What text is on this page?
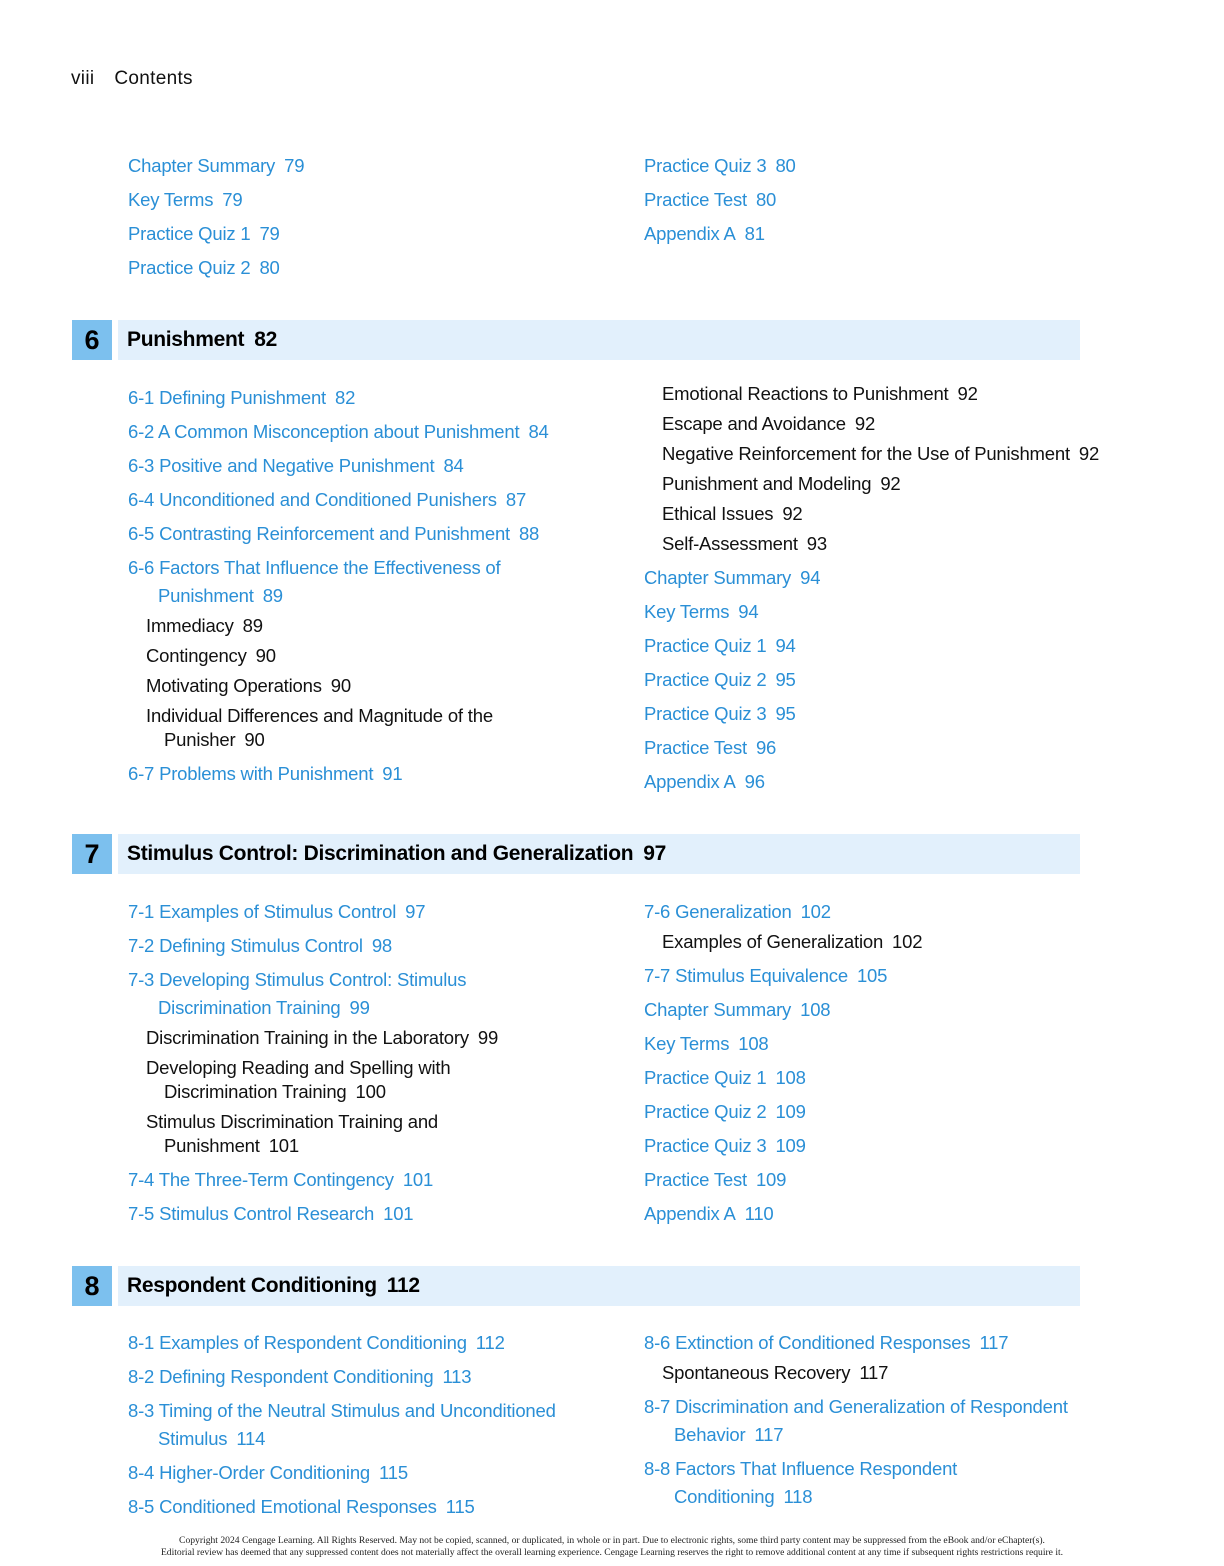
viii Contents
Chapter Summary 79
Key Terms 79
Practice Quiz 1 79
Practice Quiz 2 80
Practice Quiz 3 80
Practice Test 80
Appendix A 81
6	Punishment 82
6-1 Defining Punishment 82
6-2 A Common Misconception about Punishment 84
6-3 Positive and Negative Punishment 84
6-4 Unconditioned and Conditioned Punishers 87
6-5 Contrasting Reinforcement and Punishment 88
6-6 Factors That Influence the Effectiveness of
Punishment 89
Immediacy 89
Contingency 90
Motivating Operations 90
Individual Differences and Magnitude of the
Punisher 90
6-7 Problems with Punishment 91
Emotional Reactions to Punishment 92
Escape and Avoidance 92
Negative Reinforcement for the Use of Punishment 92
Punishment and Modeling 92
Ethical Issues 92
Self-Assessment 93
Chapter Summary 94
Key Terms 94
Practice Quiz 1 94
Practice Quiz 2 95
Practice Quiz 3 95
Practice Test 96
Appendix A 96
7	Stimulus Control: Discrimination and Generalization 97
7-1 Examples of Stimulus Control 97
7-2 Defining Stimulus Control 98
7-3 Developing Stimulus Control: Stimulus
Discrimination Training 99
Discrimination Training in the Laboratory 99
Developing Reading and Spelling with
Discrimination Training 100
Stimulus Discrimination Training and
Punishment 101
7-4 The Three-Term Contingency 101
7-5 Stimulus Control Research 101
7-6 Generalization 102
Examples of Generalization 102
7-7 Stimulus Equivalence 105
Chapter Summary 108
Key Terms 108
Practice Quiz 1 108
Practice Quiz 2 109
Practice Quiz 3 109
Practice Test 109
Appendix A 110
8	Respondent Conditioning 112
8-1 Examples of Respondent Conditioning 112
8-2 Defining Respondent Conditioning 113
8-3 Timing of the Neutral Stimulus and Unconditioned
Stimulus 114
8-4 Higher-Order Conditioning 115
8-5 Conditioned Emotional Responses 115
8-6 Extinction of Conditioned Responses 117
Spontaneous Recovery 117
8-7 Discrimination and Generalization of Respondent
Behavior 117
8-8 Factors That Influence Respondent
Conditioning 118
Copyright 2024 Cengage Learning. All Rights Reserved. May not be copied, scanned, or duplicated, in whole or in part. Due to electronic rights, some third party content may be suppressed from the eBook and/or eChapter(s).
Editorial review has deemed that any suppressed content does not materially affect the overall learning experience. Cengage Learning reserves the right to remove additional content at any time if subsequent rights restrictions require it.
